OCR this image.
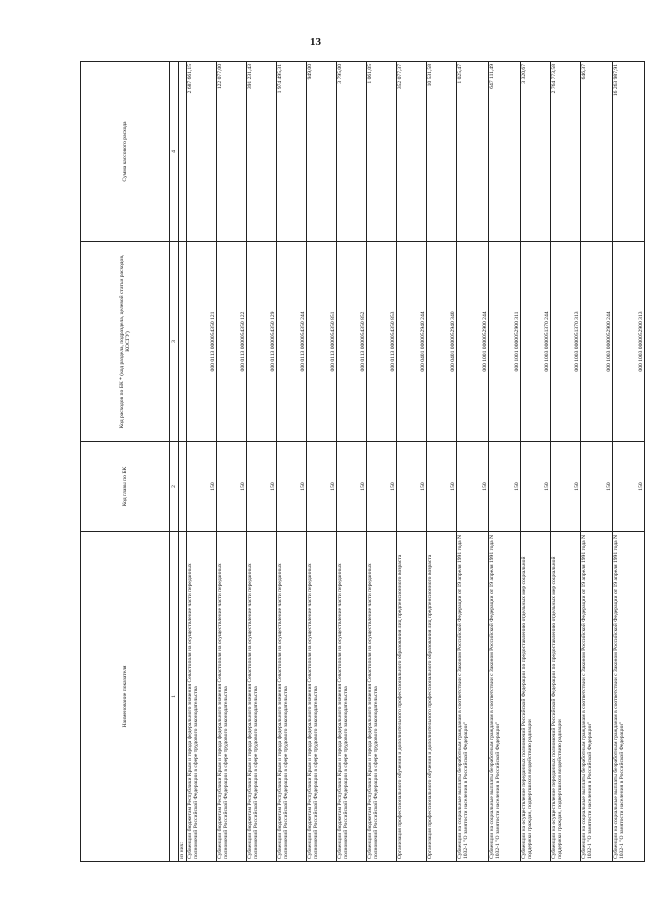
13
Наименование показателя	Код главы по БК	Код расходов по БК * (код раздела, подраздела, целевой статьи расходов, КОСГУ)	Сумма кассового расхода
1	2	3	4
из них:			
Субвенции бюджетам Республики Крым и города федерального значения Севастополя на осуществление части переданных полномочий Российской Федерации в сфере трудового законодательства	150	000 0113 0000054350 121	2 687 661,15
Субвенции бюджетам Республики Крым и города федерального значения Севастополя на осуществление части переданных полномочий Российской Федерации в сфере трудового законодательства	150	000 0113 0000054350 122	122 077,00
Субвенции бюджетам Республики Крым и города федерального значения Севастополя на осуществление части переданных полномочий Российской Федерации в сфере трудового законодательства	150	000 0113 0000054350 129	391 231,43
Субвенции бюджетам Республики Крым и города федерального значения Севастополя на осуществление части переданных полномочий Российской Федерации в сфере трудового законодательства	150	000 0113 0000054350 244	1 974 495,31
Субвенции бюджетам Республики Крым и города федерального значения Севастополя на осуществление части переданных полномочий Российской Федерации в сфере трудового законодательства	150	000 0113 0000054350 851	949,00
Субвенции бюджетам Республики Крым и города федерального значения Севастополя на осуществление части переданных полномочий Российской Федерации в сфере трудового законодательства	150	000 0113 0000054350 852	3 795,00
Субвенции бюджетам Республики Крым и города федерального значения Севастополя на осуществление части переданных полномочий Российской Федерации в сфере трудового законодательства	150	000 0113 0000054350 853	1 061,05
Организация профессионального обучения и дополнительного профессионального образования лиц предпенсионного возраста	150	000 0401 0000052940 244	352 077,37
Организация профессионального обучения и дополнительного профессионального образования лиц предпенсионного возраста	150	000 0401 0000052940 340	10 531,58
Субвенции на социальные выплаты безработным гражданам в соответствии с Законом Российской Федерации от 19 апреля 1991 года N 1032-1 "О занятости населения в Российской Федерации"	150	000 1001 0000052900 244	1 025,47
Субвенции на социальные выплаты безработным гражданам в соответствии с Законом Российской Федерации от 19 апреля 1991 года N 1032-1 "О занятости населения в Российской Федерации"	150	000 1001 0000052900 311	647 111,49
Субвенции на осуществление переданных полномочий Российской Федерации по предоставлению отдельных мер социальной поддержки граждан, подвергшихся воздействию радиации	150	000 1003 0000051370 244	3 320,67
Субвенции на осуществление переданных полномочий Российской Федерации по предоставлению отдельных мер социальной поддержки граждан, подвергшихся воздействию радиации	150	000 1003 0000051370 313	2 764 773,58
Субвенции на социальные выплаты безработным гражданам в соответствии с Законом Российской Федерации от 19 апреля 1991 года N 1032-1 "О занятости населения в Российской Федерации"	150	000 1003 0000052900 244	646,37
Субвенции на социальные выплаты безработным гражданам в соответствии с Законом Российской Федерации от 19 апреля 1991 года N 1032-1 "О занятости населения в Российской Федерации"	150	000 1003 0000052900 313	16 263 987,91
